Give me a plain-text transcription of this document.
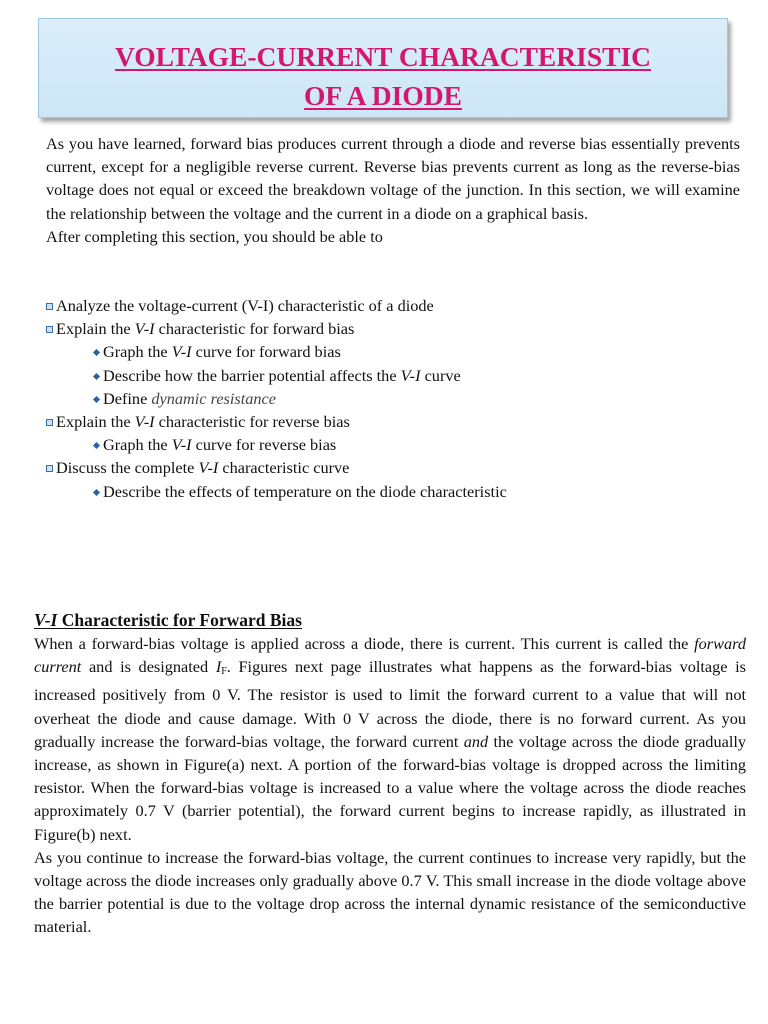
VOLTAGE-CURRENT CHARACTERISTIC
OF A DIODE

As you have learned, forward bias produces current through a diode and reverse bias essentially prevents current, except for a negligible reverse current. Reverse bias prevents current as long as the reverse-bias voltage does not equal or exceed the breakdown voltage of the junction. In this section, we will examine the relationship between the voltage and the current in a diode on a graphical basis.

After completing this section, you should be able to

Analyze the voltage-current (V-I) characteristic of a diode
Explain the V-I characteristic for forward bias
Graph the V-I curve for forward bias
Describe how the barrier potential affects the V-I curve
Define dynamic resistance
Explain the V-I characteristic for reverse bias
Graph the V-I curve for reverse bias
Discuss the complete V-I characteristic curve
Describe the effects of temperature on the diode characteristic
V-I Characteristic for Forward Bias

When a forward-bias voltage is applied across a diode, there is current. This current is called the forward current and is designated $I_F$. Figures next page illustrates what happens as the forward-bias voltage is increased positively from 0 V. The resistor is used to limit the forward current to a value that will not overheat the diode and cause damage. With 0 V across the diode, there is no forward current. As you gradually increase the forward-bias voltage, the forward current and the voltage across the diode gradually increase, as shown in Figure(a) next. A portion of the forward-bias voltage is dropped across the limiting resistor. When the forward-bias voltage is increased to a value where the voltage across the diode reaches approximately 0.7 V (barrier potential), the forward current begins to increase rapidly, as illustrated in Figure(b) next.

As you continue to increase the forward-bias voltage, the current continues to increase very rapidly, but the voltage across the diode increases only gradually above 0.7 V. This small increase in the diode voltage above the barrier potential is due to the voltage drop across the internal dynamic resistance of the semiconductive material.
